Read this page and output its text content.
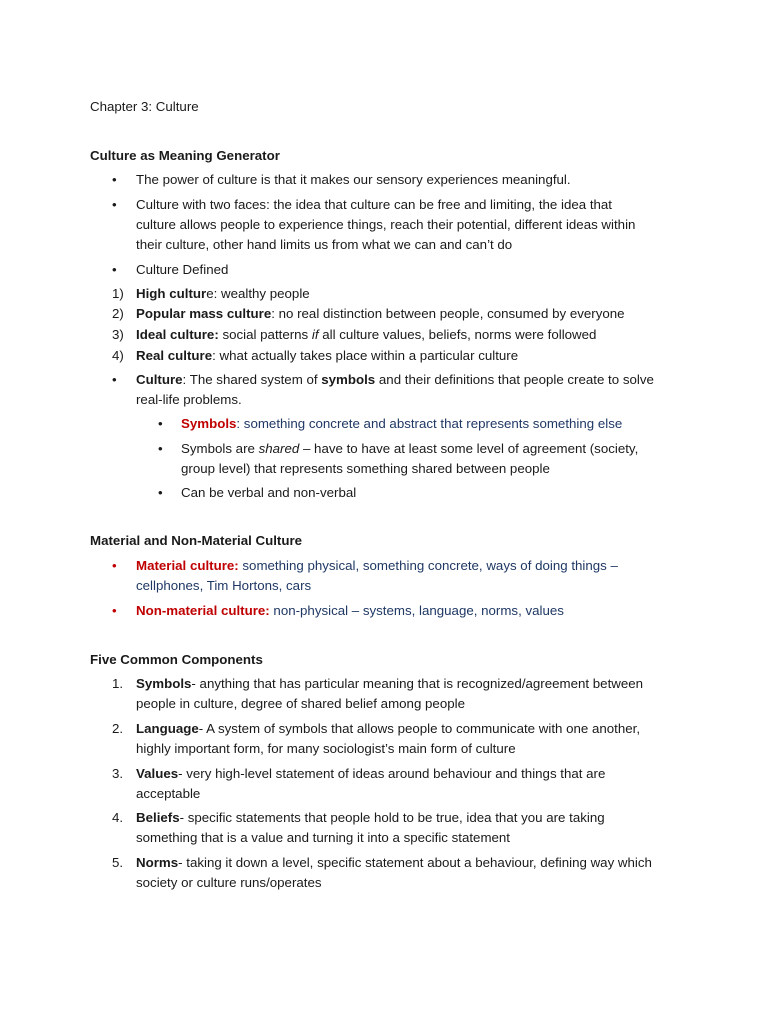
Chapter 3: Culture
Culture as Meaning Generator
• The power of culture is that it makes our sensory experiences meaningful.
• Culture with two faces: the idea that culture can be free and limiting, the idea that
culture allows people to experience things, reach their potential, different ideas within
their culture, other hand limits us from what we can and can’t do
• Culture Defined
1) High culture: wealthy people
2) Popular mass culture: no real distinction between people, consumed by everyone
3) Ideal culture: social patterns if all culture values, beliefs, norms were followed
4) Real culture: what actually takes place within a particular culture
• Culture: The shared system of symbols and their definitions that people create to solve
real-life problems.
• Symbols: something concrete and abstract that represents something else
• Symbols are shared – have to have at least some level of agreement (society,
group level) that represents something shared between people
• Can be verbal and non-verbal
Material and Non-Material Culture
• Material culture: something physical, something concrete, ways of doing things –
cellphones, Tim Hortons, cars
• Non-material culture: non-physical – systems, language, norms, values
Five Common Components
1. Symbols- anything that has particular meaning that is recognized/agreement between
people in culture, degree of shared belief among people
2. Language- A system of symbols that allows people to communicate with one another,
highly important form, for many sociologist’s main form of culture
3. Values- very high-level statement of ideas around behaviour and things that are
acceptable
4. Beliefs- specific statements that people hold to be true, idea that you are taking
something that is a value and turning it into a specific statement
5. Norms- taking it down a level, specific statement about a behaviour, defining way which
society or culture runs/operates
